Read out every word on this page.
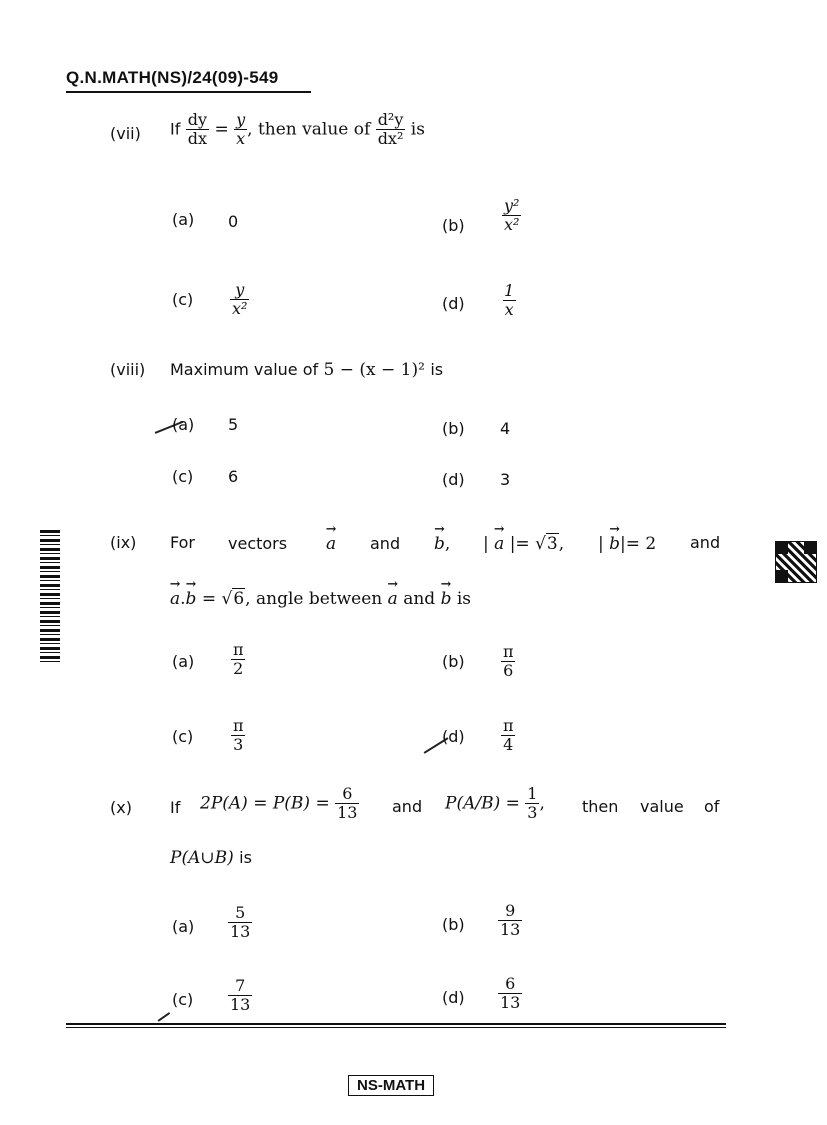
Q.N.MATH(NS)/24(09)-549
(vii) If $\frac{dy}{dx} = \frac{y}{x}$ , then value of $\frac{\text{d²y}}{\text{dx²}}$ is
(a) 0	$(b) \frac{\text{y²}}{\text{x²}}$
$(c) \frac{y}{\text{x²}}$	$(d) \frac{1}{x}$
(viii) Maximum value of 5 − (x − 1)² is
(a) 5	(b) 4
(c) 6	(d) 3
(ix) For vectors → a and → b, | → a |= √3, | → b|= 2 and
→ a.→ b = √6, angle between → a and → b is
$(a) \frac{\pi}{2}$	$(b) \frac{\pi}{6}$
$(c) \frac{\pi}{3}$	$(d) \frac{\pi}{4}$
(x) If $2P(A) = P(B) = \frac{6}{13}$ and $P(A/B) = \frac{1}{3}$ , then value of
P(A∪B) is
$(a) \frac{5}{13}$	$(b) \frac{9}{13}$
$(c) \frac{7}{13}$	$(d) \frac{6}{13}$
NS-MATH
